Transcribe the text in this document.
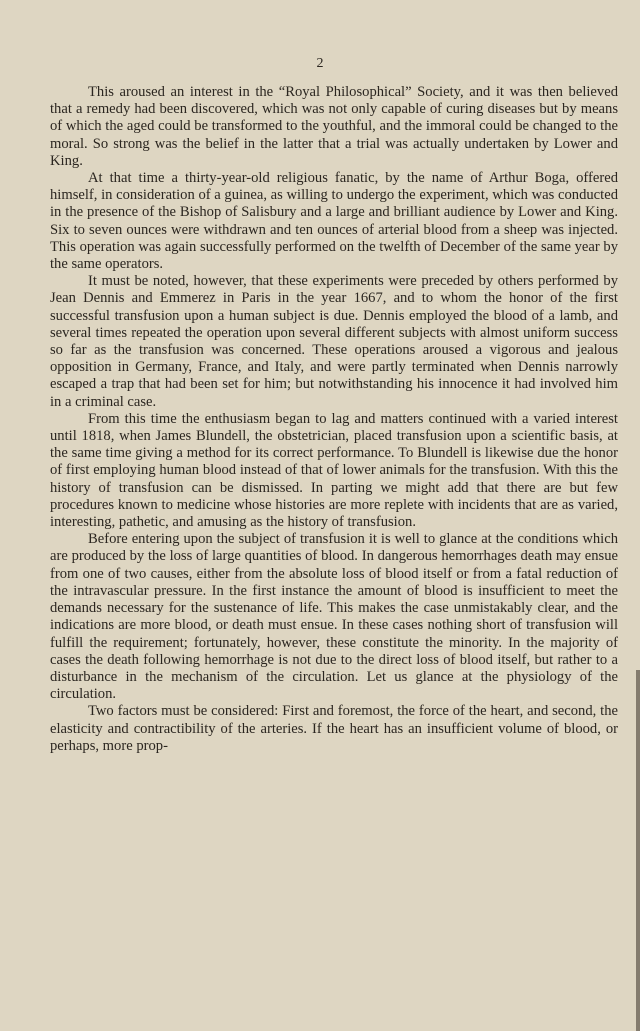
2

This aroused an interest in the “Royal Philosophical” Society, and it was then believed that a remedy had been discovered, which was not only capable of curing diseases but by means of which the aged could be transformed to the youthful, and the immoral could be changed to the moral. So strong was the belief in the latter that a trial was actually undertaken by Lower and King.

At that time a thirty-year-old religious fanatic, by the name of Arthur Boga, offered himself, in consideration of a guinea, as willing to undergo the experiment, which was conducted in the presence of the Bishop of Salisbury and a large and brilliant audience by Lower and King. Six to seven ounces were withdrawn and ten ounces of arterial blood from a sheep was injected. This operation was again successfully performed on the twelfth of December of the same year by the same operators.

It must be noted, however, that these experiments were preceded by others performed by Jean Dennis and Emmerez in Paris in the year 1667, and to whom the honor of the first successful transfusion upon a human subject is due. Dennis employed the blood of a lamb, and several times repeated the operation upon several different subjects with almost uniform success so far as the transfusion was concerned. These operations aroused a vigorous and jealous opposition in Germany, France, and Italy, and were partly terminated when Dennis narrowly escaped a trap that had been set for him; but notwithstanding his innocence it had involved him in a criminal case.

From this time the enthusiasm began to lag and matters continued with a varied interest until 1818, when James Blundell, the obstetrician, placed transfusion upon a scientific basis, at the same time giving a method for its correct performance. To Blundell is likewise due the honor of first employing human blood instead of that of lower animals for the transfusion. With this the history of transfusion can be dismissed. In parting we might add that there are but few procedures known to medicine whose histories are more replete with incidents that are as varied, interesting, pathetic, and amusing as the history of transfusion.

Before entering upon the subject of transfusion it is well to glance at the conditions which are produced by the loss of large quantities of blood. In dangerous hemorrhages death may ensue from one of two causes, either from the absolute loss of blood itself or from a fatal reduction of the intravascular pressure. In the first instance the amount of blood is insufficient to meet the demands necessary for the sustenance of life. This makes the case unmistakably clear, and the indications are more blood, or death must ensue. In these cases nothing short of transfusion will fulfill the requirement; fortunately, however, these constitute the minority. In the majority of cases the death following hemorrhage is not due to the direct loss of blood itself, but rather to a disturbance in the mechanism of the circulation. Let us glance at the physiology of the circulation.

Two factors must be considered: First and foremost, the force of the heart, and second, the elasticity and contractibility of the arteries. If the heart has an insufficient volume of blood, or perhaps, more prop-
